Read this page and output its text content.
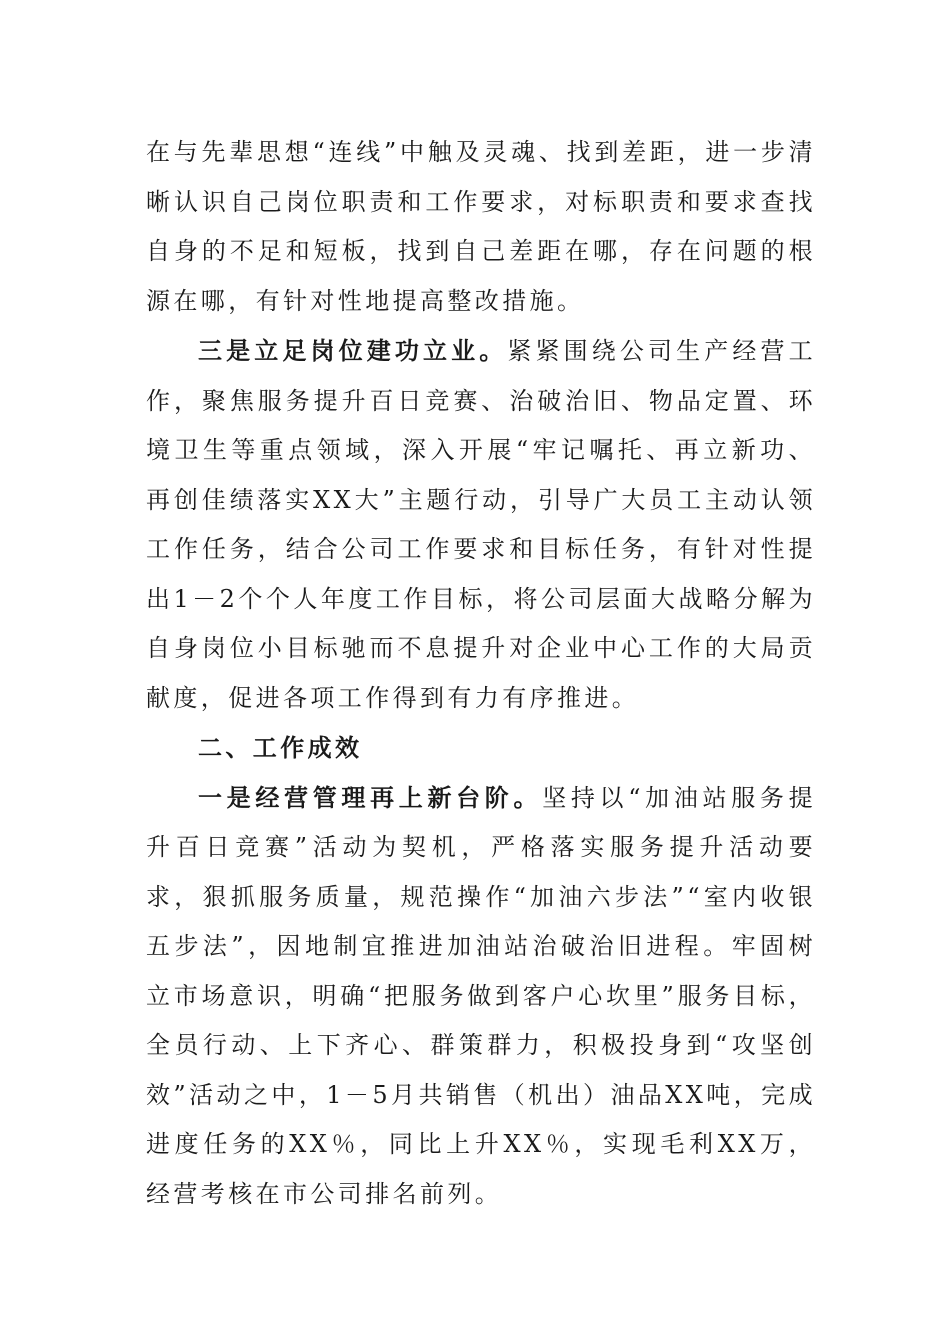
在与先辈思想“连线”中触及灵魂、找到差距，进一步清晰认识自己岗位职责和工作要求，对标职责和要求查找自身的不足和短板，找到自己差距在哪，存在问题的根源在哪，有针对性地提高整改措施。

三是立足岗位建功立业。紧紧围绕公司生产经营工作，聚焦服务提升百日竞赛、治破治旧、物品定置、环境卫生等重点领域，深入开展“牢记嘱托、再立新功、再创佳绩落实XX大”主题行动，引导广大员工主动认领工作任务，结合公司工作要求和目标任务，有针对性提出1－2个个人年度工作目标，将公司层面大战略分解为自身岗位小目标驰而不息提升对企业中心工作的大局贡献度，促进各项工作得到有力有序推进。

二、工作成效

一是经营管理再上新台阶。坚持以“加油站服务提升百日竞赛”活动为契机，严格落实服务提升活动要求，狠抓服务质量，规范操作“加油六步法”“室内收银五步法”，因地制宜推进加油站治破治旧进程。牢固树立市场意识，明确“把服务做到客户心坎里”服务目标，全员行动、上下齐心、群策群力，积极投身到“攻坚创效”活动之中，1－5月共销售（机出）油品XX吨，完成进度任务的XX％，同比上升XX％，实现毛利XX万，经营考核在市公司排名前列。
